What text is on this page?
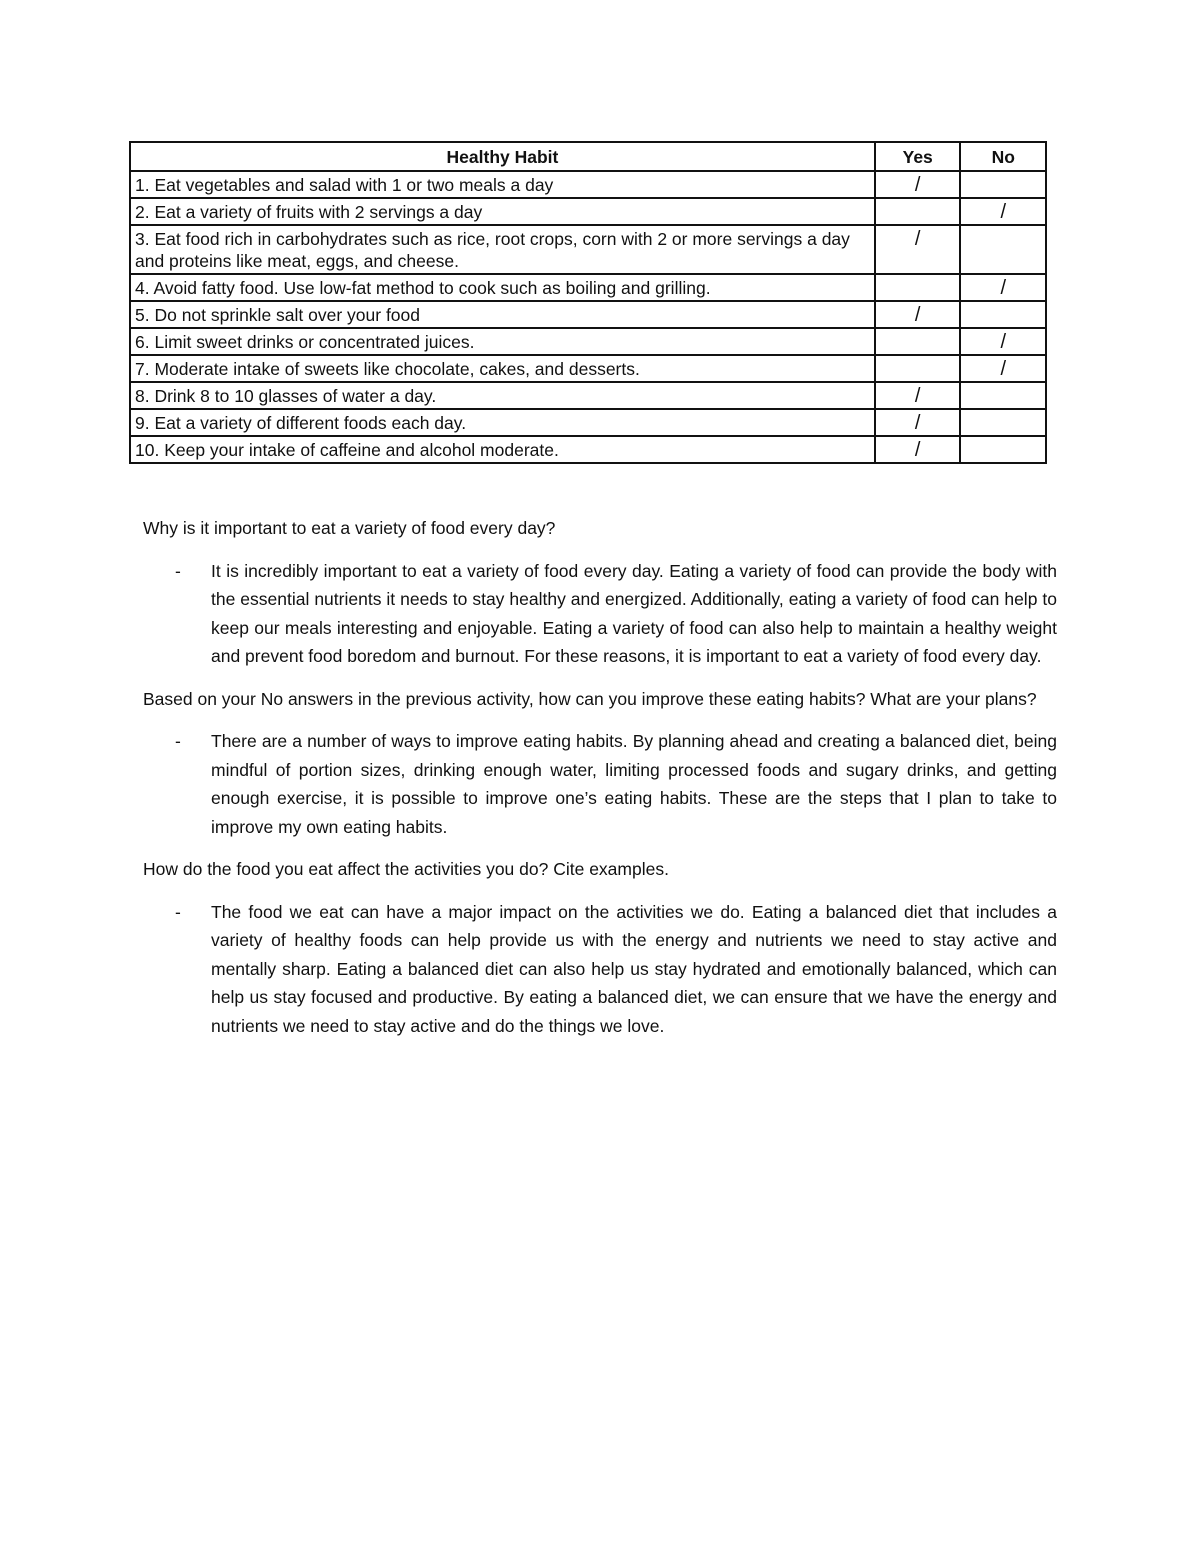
Healthy Habit	Yes	No
1. Eat vegetables and salad with 1 or two meals a day	/	
2. Eat a variety of fruits with 2 servings a day		/
3. Eat food rich in carbohydrates such as rice, root crops, corn with 2 or more servings a day and proteins like meat, eggs, and cheese.	/	
4. Avoid fatty food. Use low-fat method to cook such as boiling and grilling.		/
5. Do not sprinkle salt over your food	/	
6. Limit sweet drinks or concentrated juices.		/
7. Moderate intake of sweets like chocolate, cakes, and desserts.		/
8. Drink 8 to 10 glasses of water a day.	/	
9. Eat a variety of different foods each day.	/	
10. Keep your intake of caffeine and alcohol moderate.	/	

Why is it important to eat a variety of food every day?

- It is incredibly important to eat a variety of food every day. Eating a variety of food can provide the body with the essential nutrients it needs to stay healthy and energized. Additionally, eating a variety of food can help to keep our meals interesting and enjoyable. Eating a variety of food can also help to maintain a healthy weight and prevent food boredom and burnout. For these reasons, it is important to eat a variety of food every day.

Based on your No answers in the previous activity, how can you improve these eating habits? What are your plans?

- There are a number of ways to improve eating habits. By planning ahead and creating a balanced diet, being mindful of portion sizes, drinking enough water, limiting processed foods and sugary drinks, and getting enough exercise, it is possible to improve one’s eating habits. These are the steps that I plan to take to improve my own eating habits.

How do the food you eat affect the activities you do? Cite examples.

- The food we eat can have a major impact on the activities we do. Eating a balanced diet that includes a variety of healthy foods can help provide us with the energy and nutrients we need to stay active and mentally sharp. Eating a balanced diet can also help us stay hydrated and emotionally balanced, which can help us stay focused and productive. By eating a balanced diet, we can ensure that we have the energy and nutrients we need to stay active and do the things we love.
